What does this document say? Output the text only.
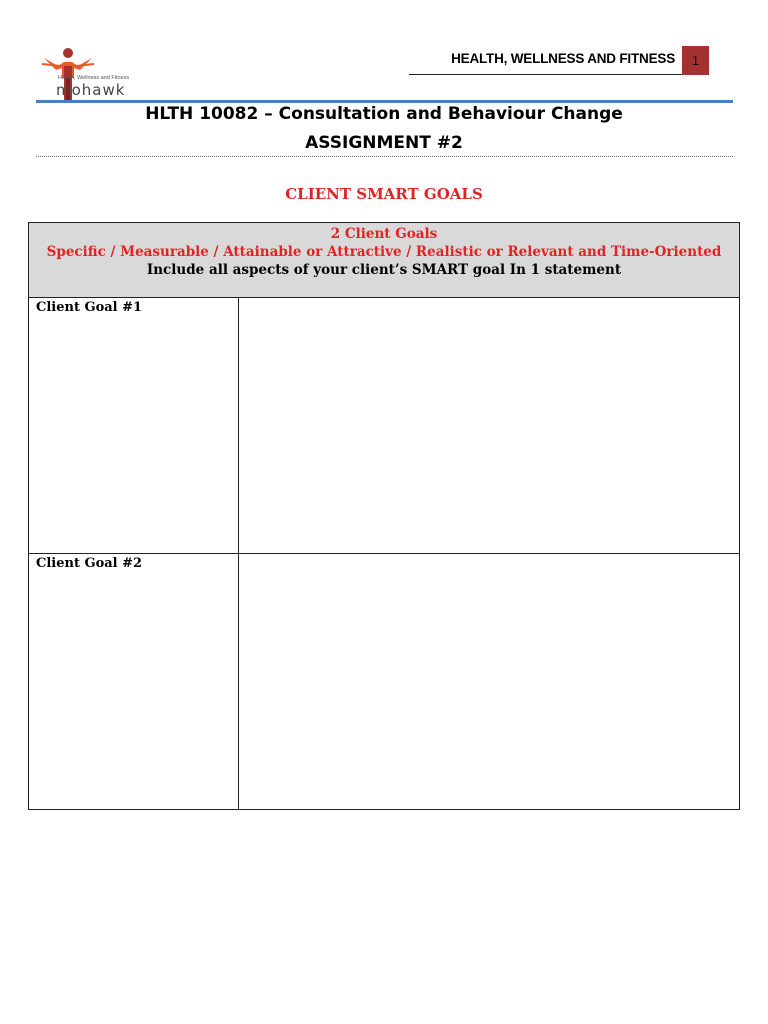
Health, Wellness and Fitness
mohawk
HEALTH, WELLNESS AND FITNESS	1
HLTH 10082 – Consultation and Behaviour Change
ASSIGNMENT #2
CLIENT SMART GOALS
2 Client Goals
Specific / Measurable / Attainable or Attractive / Realistic or Relevant and Time-Oriented
Include all aspects of your client’s SMART goal In 1 statement	

Client Goal #1	
Client Goal #2	
